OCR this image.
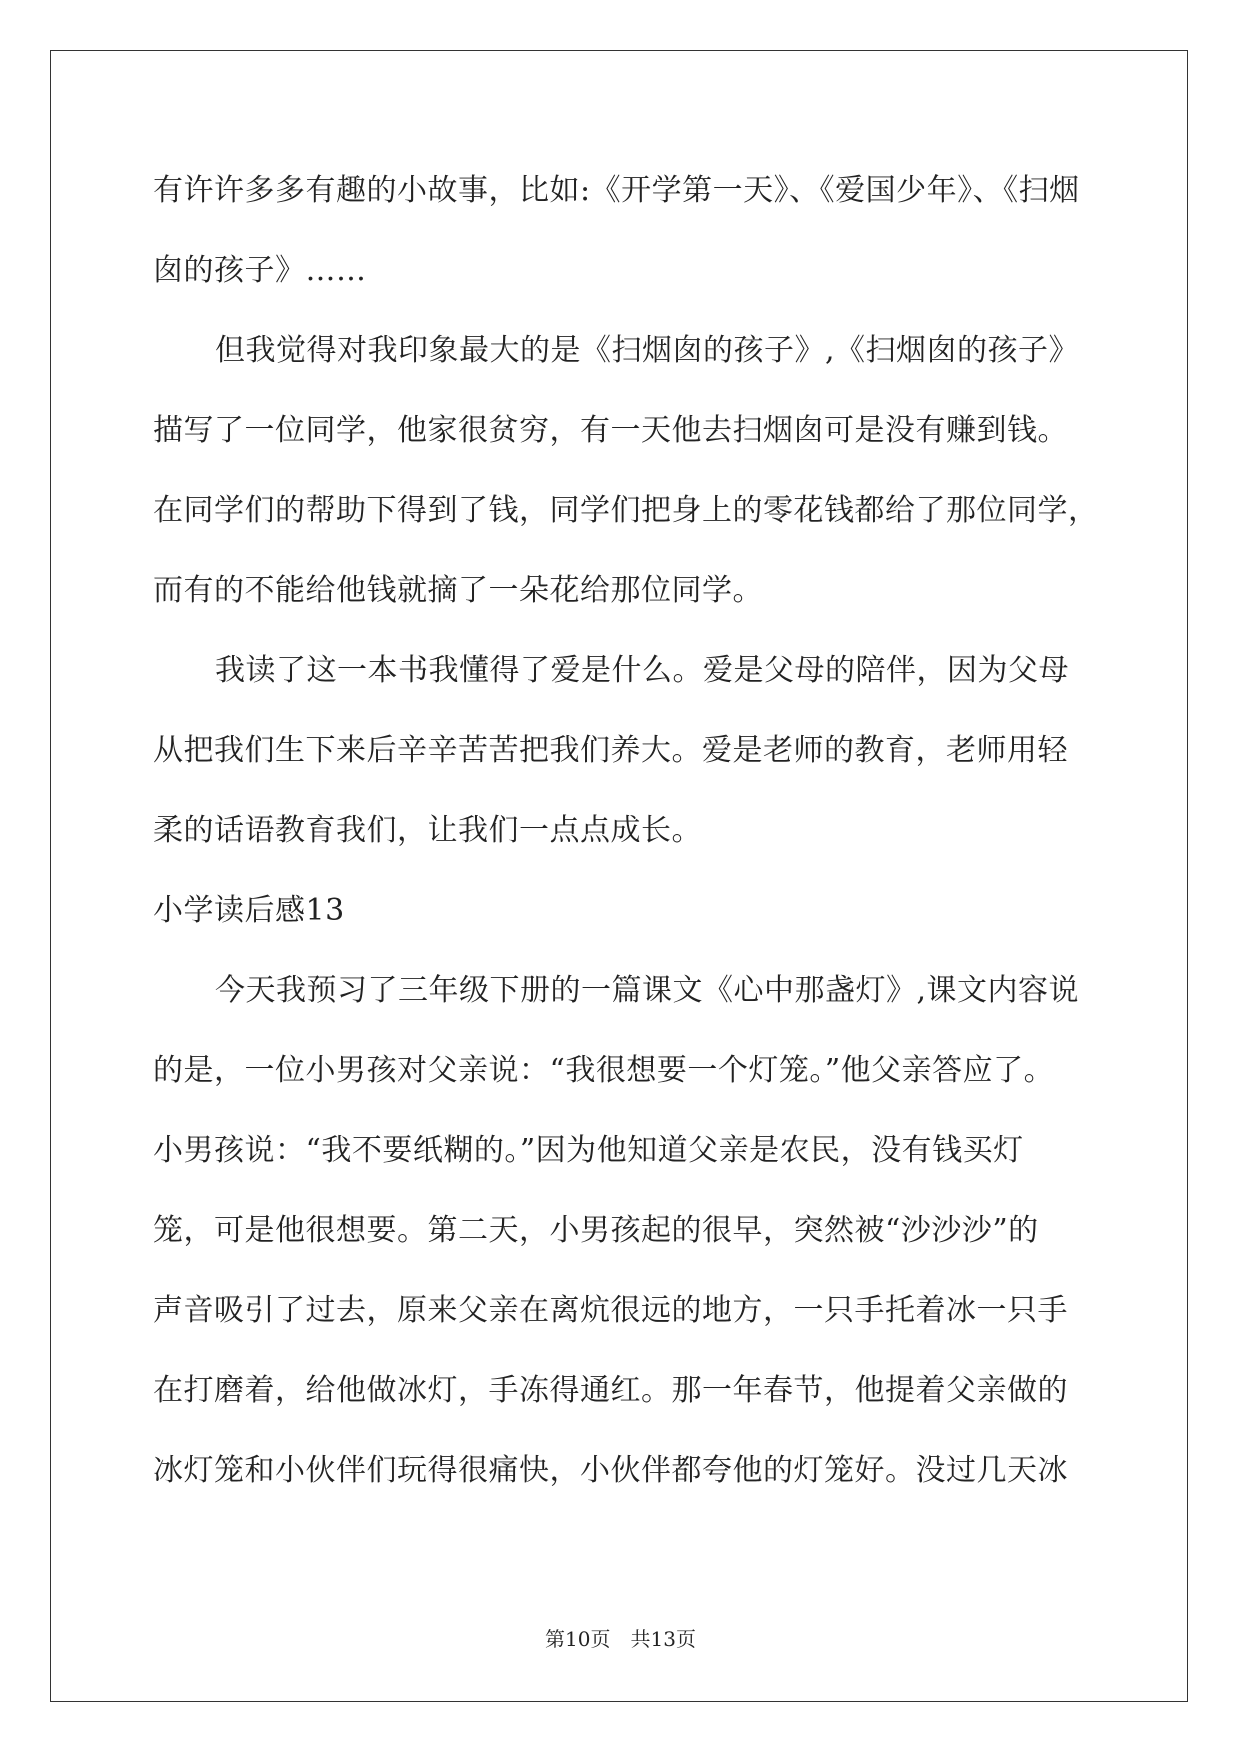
有许许多多有趣的小故事，比如:《开学第一天》、《爱国少年》、《扫烟
囱的孩子》……
但我觉得对我印象最大的是《扫烟囱的孩子》,《扫烟囱的孩子》
描写了一位同学，他家很贫穷，有一天他去扫烟囱可是没有赚到钱。
在同学们的帮助下得到了钱，同学们把身上的零花钱都给了那位同学，
而有的不能给他钱就摘了一朵花给那位同学。
我读了这一本书我懂得了爱是什么。爱是父母的陪伴，因为父母
从把我们生下来后辛辛苦苦把我们养大。爱是老师的教育，老师用轻
柔的话语教育我们，让我们一点点成长。
小学读后感13
今天我预习了三年级下册的一篇课文《心中那盏灯》,课文内容说
的是，一位小男孩对父亲说：“我很想要一个灯笼。”他父亲答应了。
小男孩说：“我不要纸糊的。”因为他知道父亲是农民，没有钱买灯
笼，可是他很想要。第二天，小男孩起的很早，突然被“沙沙沙”的
声音吸引了过去，原来父亲在离炕很远的地方，一只手托着冰一只手
在打磨着，给他做冰灯，手冻得通红。那一年春节，他提着父亲做的
冰灯笼和小伙伴们玩得很痛快，小伙伴都夸他的灯笼好。没过几天冰
第10页　共13页
